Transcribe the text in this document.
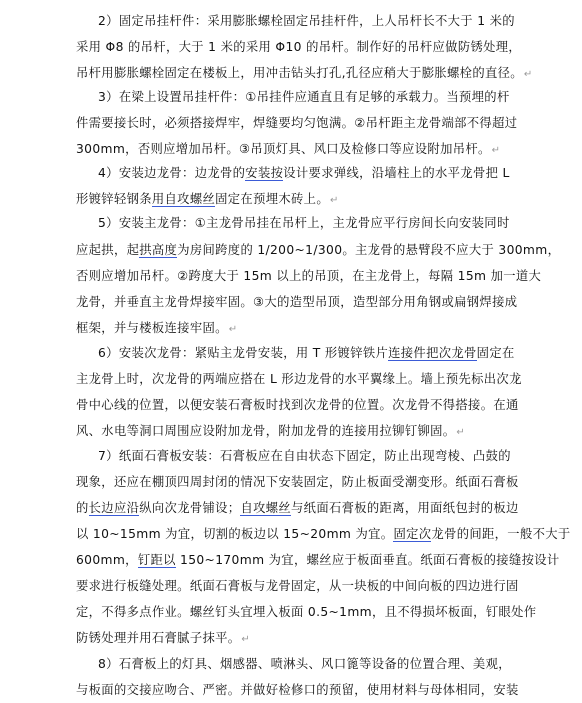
2）固定吊挂杆件：采用膨胀螺栓固定吊挂杆件，上人吊杆长不大于 1 米的
采用 Φ8 的吊杆，大于 1 米的采用 Φ10 的吊杆。制作好的吊杆应做防锈处理，
吊杆用膨胀螺栓固定在楼板上，用冲击钻头打孔,孔径应稍大于膨胀螺栓的直径。↵
3）在梁上设置吊挂杆件：①吊挂件应通直且有足够的承载力。当预埋的杆
件需要接长时，必须搭接焊牢，焊缝要均匀饱满。②吊杆距主龙骨端部不得超过
300mm，否则应增加吊杆。③吊顶灯具、风口及检修口等应设附加吊杆。↵
4）安装边龙骨：边龙骨的安装按设计要求弹线，沿墙柱上的水平龙骨把 L
形镀锌轻钢条用自攻螺丝固定在预埋木砖上。↵
5）安装主龙骨：①主龙骨吊挂在吊杆上，主龙骨应平行房间长向安装同时
应起拱，起拱高度为房间跨度的 1/200~1/300。主龙骨的悬臂段不应大于 300mm，
否则应增加吊杆。②跨度大于 15m 以上的吊顶，在主龙骨上，每隔 15m 加一道大
龙骨，并垂直主龙骨焊接牢固。③大的造型吊顶，造型部分用角钢或扁钢焊接成
框架，并与楼板连接牢固。↵
6）安装次龙骨：紧贴主龙骨安装，用 T 形镀锌铁片连接件把次龙骨固定在
主龙骨上时，次龙骨的两端应搭在 L 形边龙骨的水平翼缘上。墙上预先标出次龙
骨中心线的位置，以便安装石膏板时找到次龙骨的位置。次龙骨不得搭接。在通
风、水电等洞口周围应设附加龙骨，附加龙骨的连接用拉铆钉铆固。↵
7）纸面石膏板安装：石膏板应在自由状态下固定，防止出现弯棱、凸鼓的
现象，还应在棚顶四周封闭的情况下安装固定，防止板面受潮变形。纸面石膏板
的长边应沿纵向次龙骨铺设；自攻螺丝与纸面石膏板的距离，用面纸包封的板边
以 10~15mm 为宜，切割的板边以 15~20mm 为宜。固定次龙骨的间距，一般不大于
600mm，钉距以 150~170mm 为宜，螺丝应于板面垂直。纸面石膏板的接缝按设计
要求进行板缝处理。纸面石膏板与龙骨固定，从一块板的中间向板的四边进行固
定，不得多点作业。螺丝钉头宜埋入板面 0.5~1mm，且不得损坏板面，钉眼处作
防锈处理并用石膏腻子抹平。↵
8）石膏板上的灯具、烟感器、喷淋头、风口篦等设备的位置合理、美观，
与板面的交接应吻合、严密。并做好检修口的预留，使用材料与母体相同，安装
